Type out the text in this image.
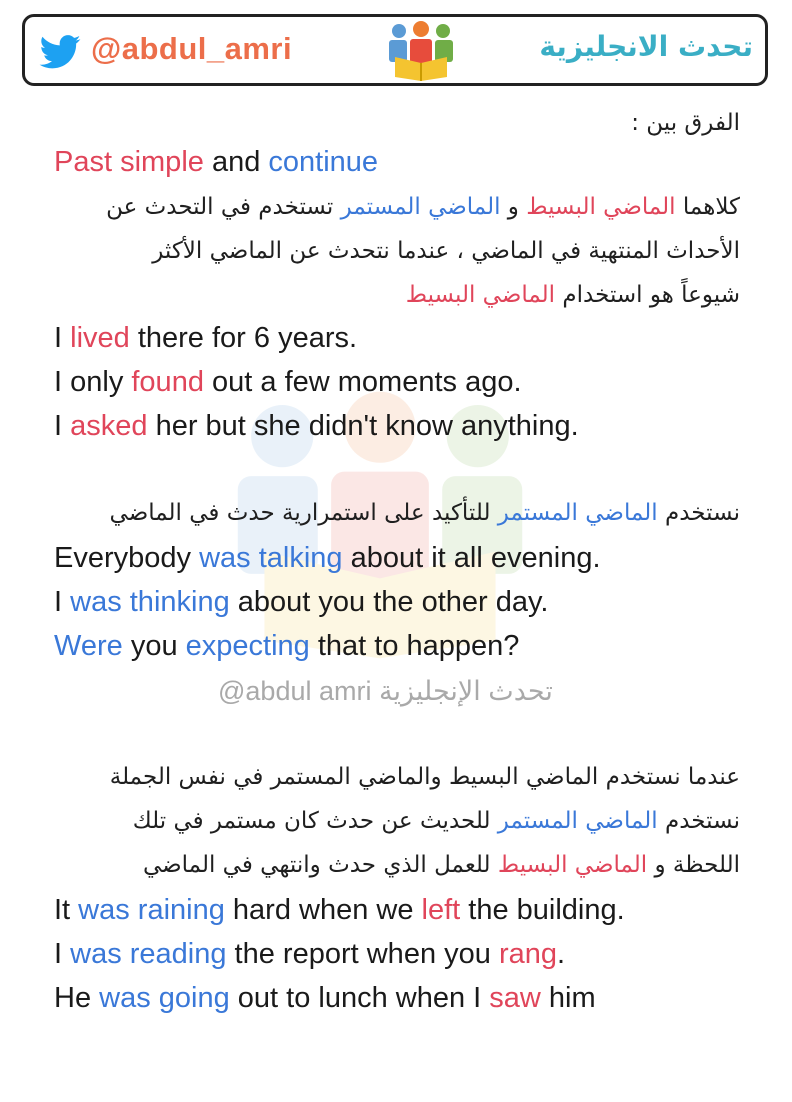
@abdul_amri	تحدث الانجليزية
الفرق بين :
Past simple and continue
كلاهما الماضي البسيط و الماضي المستمر تستخدم في التحدث عن
الأحداث المنتهية في الماضي ، عندما نتحدث عن الماضي الأكثر
شيوعاً هو استخدام الماضي البسيط
I lived there for 6 years.
I only found out a few moments ago.
I asked her but she didn't know anything.
نستخدم الماضي المستمر للتأكيد على استمرارية حدث في الماضي
Everybody was talking about it all evening.
I was thinking about you the other day.
Were you expecting that to happen?
@abdul amri تحدث الإنجليزية
عندما نستخدم الماضي البسيط والماضي المستمر في نفس الجملة
نستخدم الماضي المستمر للحديث عن حدث كان مستمر في تلك
اللحظة و الماضي البسيط للعمل الذي حدث وانتهي في الماضي
It was raining hard when we left the building.
I was reading the report when you rang.
He was going out to lunch when I saw him
